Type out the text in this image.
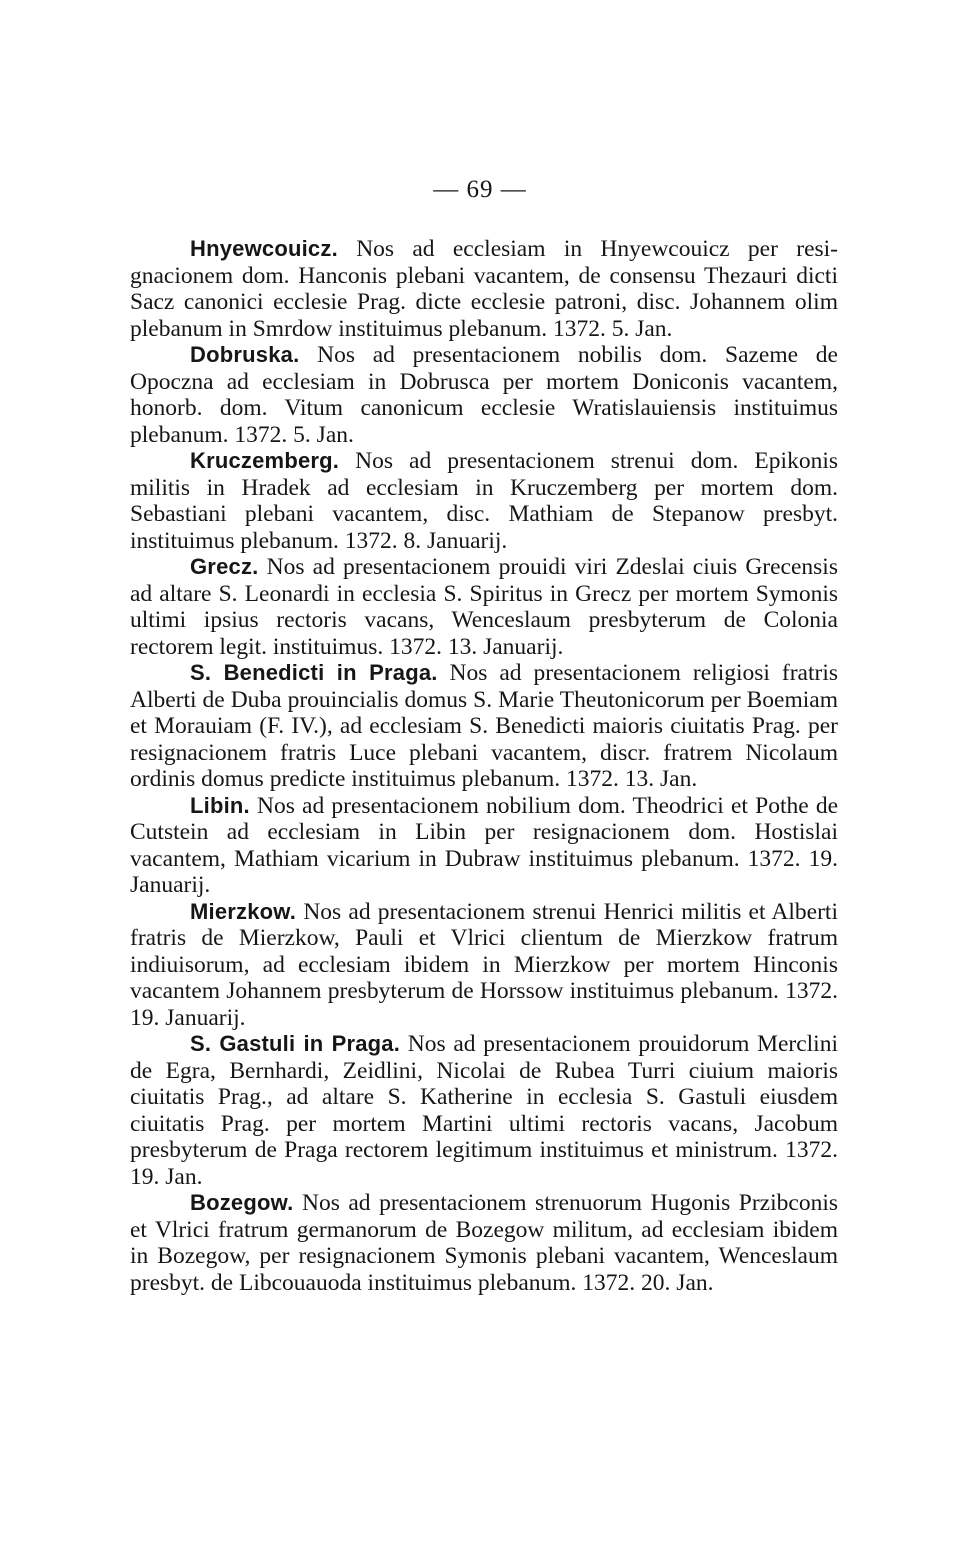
— 69 —

Hnyewcouicz. Nos ad ecclesiam in Hnyewcouicz per resignacionem dom. Hanconis plebani vacantem, de consensu Thezauri dicti Sacz canonici ecclesie Prag. dicte ecclesie patroni, disc. Johannem olim plebanum in Smrdow instituimus plebanum. 1372. 5. Jan.

Dobruska. Nos ad presentacionem nobilis dom. Sazeme de Opoczna ad ecclesiam in Dobrusca per mortem Doniconis vacantem, honorb. dom. Vitum canonicum ecclesie Wratislauiensis instituimus plebanum. 1372. 5. Jan.

Kruczemberg. Nos ad presentacionem strenui dom. Epikonis militis in Hradek ad ecclesiam in Kruczemberg per mortem dom. Sebastiani plebani vacantem, disc. Mathiam de Stepanow presbyt. instituimus plebanum. 1372. 8. Januarij.

Grecz. Nos ad presentacionem prouidi viri Zdeslai ciuis Grecensis ad altare S. Leonardi in ecclesia S. Spiritus in Grecz per mortem Symonis ultimi ipsius rectoris vacans, Wenceslaum presbyterum de Colonia rectorem legit. instituimus. 1372. 13. Januarij.

S. Benedicti in Praga. Nos ad presentacionem religiosi fratris Alberti de Duba prouincialis domus S. Marie Theutonicorum per Boemiam et Morauiam (F. IV.), ad ecclesiam S. Benedicti maioris ciuitatis Prag. per resignacionem fratris Luce plebani vacantem, discr. fratrem Nicolaum ordinis domus predicte instituimus plebanum. 1372. 13. Jan.

Libin. Nos ad presentacionem nobilium dom. Theodrici et Pothe de Cutstein ad ecclesiam in Libin per resignacionem dom. Hostislai vacantem, Mathiam vicarium in Dubraw instituimus plebanum. 1372. 19. Januarij.

Mierzkow. Nos ad presentacionem strenui Henrici militis et Alberti fratris de Mierzkow, Pauli et Vlrici clientum de Mierzkow fratrum indiuisorum, ad ecclesiam ibidem in Mierzkow per mortem Hinconis vacantem Johannem presbyterum de Horssow instituimus plebanum. 1372. 19. Januarij.

S. Gastuli in Praga. Nos ad presentacionem prouidorum Merclini de Egra, Bernhardi, Zeidlini, Nicolai de Rubea Turri ciuium maioris ciuitatis Prag., ad altare S. Katherine in ecclesia S. Gastuli eiusdem ciuitatis Prag. per mortem Martini ultimi rectoris vacans, Jacobum presbyterum de Praga rectorem legitimum instituimus et ministrum. 1372. 19. Jan.

Bozegow. Nos ad presentacionem strenuorum Hugonis Przibconis et Vlrici fratrum germanorum de Bozegow militum, ad ecclesiam ibidem in Bozegow, per resignacionem Symonis plebani vacantem, Wenceslaum presbyt. de Libcouauoda instituimus plebanum. 1372. 20. Jan.
